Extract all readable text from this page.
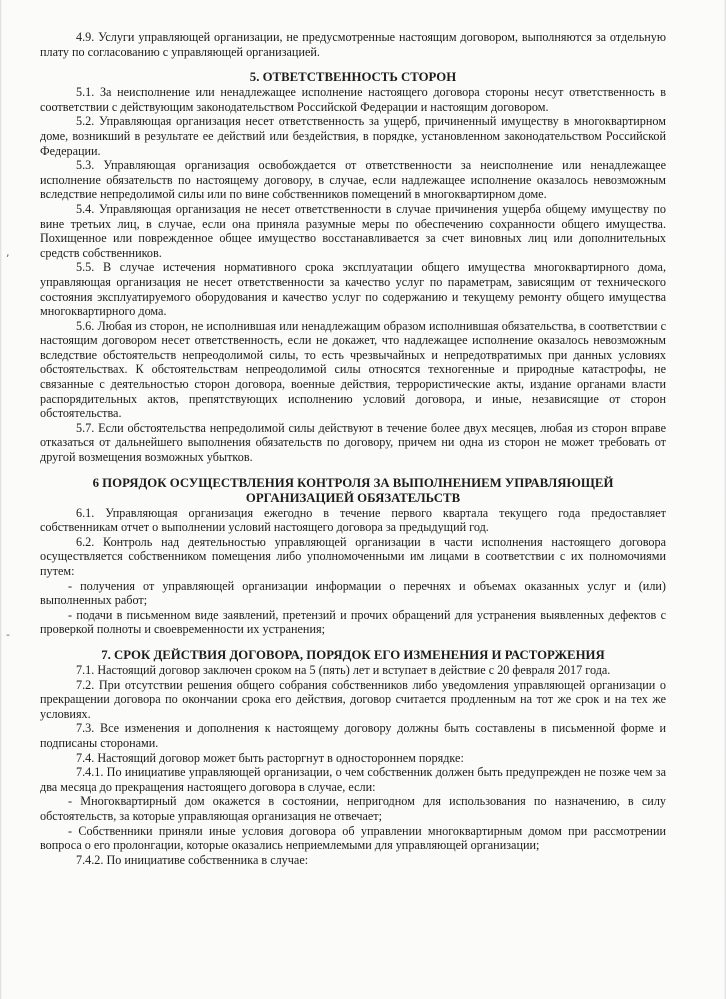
,
-

4.9. Услуги управляющей организации, не предусмотренные настоящим договором, выполняются за отдельную плату по согласованию с управляющей организацией.

5. ОТВЕТСТВЕННОСТЬ СТОРОН

5.1. За неисполнение или ненадлежащее исполнение настоящего договора стороны несут ответственность в соответствии с действующим законодательством Российской Федерации и настоящим договором.

5.2. Управляющая организация несет ответственность за ущерб, причиненный имуществу в многоквартирном доме, возникший в результате ее действий или бездействия, в порядке, установленном законодательством Российской Федерации.

5.3. Управляющая организация освобождается от ответственности за неисполнение или ненадлежащее исполнение обязательств по настоящему договору, в случае, если надлежащее исполнение оказалось невозможным вследствие непредолимой силы или по вине собственников помещений в многоквартирном доме.

5.4. Управляющая организация не несет ответственности в случае причинения ущерба общему имуществу по вине третьих лиц, в случае, если она приняла разумные меры по обеспечению сохранности общего имущества. Похищенное или поврежденное общее имущество восстанавливается за счет виновных лиц или дополнительных средств собственников.

5.5. В случае истечения нормативного срока эксплуатации общего имущества многоквартирного дома, управляющая организация не несет ответственности за качество услуг по параметрам, зависящим от технического состояния эксплуатируемого оборудования и качество услуг по содержанию и текущему ремонту общего имущества многоквартирного дома.

5.6. Любая из сторон, не исполнившая или ненадлежащим образом исполнившая обязательства, в соответствии с настоящим договором несет ответственность, если не докажет, что надлежащее исполнение оказалось невозможным вследствие обстоятельств непреодолимой силы, то есть чрезвычайных и непредотвратимых при данных условиях обстоятельствах. К обстоятельствам непреодолимой силы относятся техногенные и природные катастрофы, не связанные с деятельностью сторон договора, военные действия, террористические акты, издание органами власти распорядительных актов, препятствующих исполнению условий договора, и иные, независящие от сторон обстоятельства.

5.7. Если обстоятельства непредолимой силы действуют в течение более двух месяцев, любая из сторон вправе отказаться от дальнейшего выполнения обязательств по договору, причем ни одна из сторон не может требовать от другой возмещения возможных убытков.

6 ПОРЯДОК ОСУЩЕСТВЛЕНИЯ КОНТРОЛЯ ЗА ВЫПОЛНЕНИЕМ УПРАВЛЯЮЩЕЙ ОРГАНИЗАЦИЕЙ ОБЯЗАТЕЛЬСТВ

6.1. Управляющая организация ежегодно в течение первого квартала текущего года предоставляет собственникам отчет о выполнении условий настоящего договора за предыдущий год.

6.2. Контроль над деятельностью управляющей организации в части исполнения настоящего договора осуществляется собственником помещения либо уполномоченными им лицами в соответствии с их полномочиями путем:

- получения от управляющей организации информации о перечнях и объемах оказанных услуг и (или) выполненных работ;

- подачи в письменном виде заявлений, претензий и прочих обращений для устранения выявленных дефектов с проверкой полноты и своевременности их устранения;

7. СРОК ДЕЙСТВИЯ ДОГОВОРА, ПОРЯДОК ЕГО ИЗМЕНЕНИЯ И РАСТОРЖЕНИЯ

7.1. Настоящий договор заключен сроком на 5 (пять) лет и вступает в действие с 20 февраля 2017 года.

7.2. При отсутствии решения общего собрания собственников либо уведомления управляющей организации о прекращении договора по окончании срока его действия, договор считается продленным на тот же срок и на тех же условиях.

7.3. Все изменения и дополнения к настоящему договору должны быть составлены в письменной форме и подписаны сторонами.

7.4. Настоящий договор может быть расторгнут в одностороннем порядке:

7.4.1. По инициативе управляющей организации, о чем собственник должен быть предупрежден не позже чем за два месяца до прекращения настоящего договора в случае, если:

- Многоквартирный дом окажется в состоянии, непригодном для использования по назначению, в силу обстоятельств, за которые управляющая организация не отвечает;

- Собственники приняли иные условия договора об управлении многоквартирным домом при рассмотрении вопроса о его пролонгации, которые оказались неприемлемыми для управляющей организации;

7.4.2. По инициативе собственника в случае:
